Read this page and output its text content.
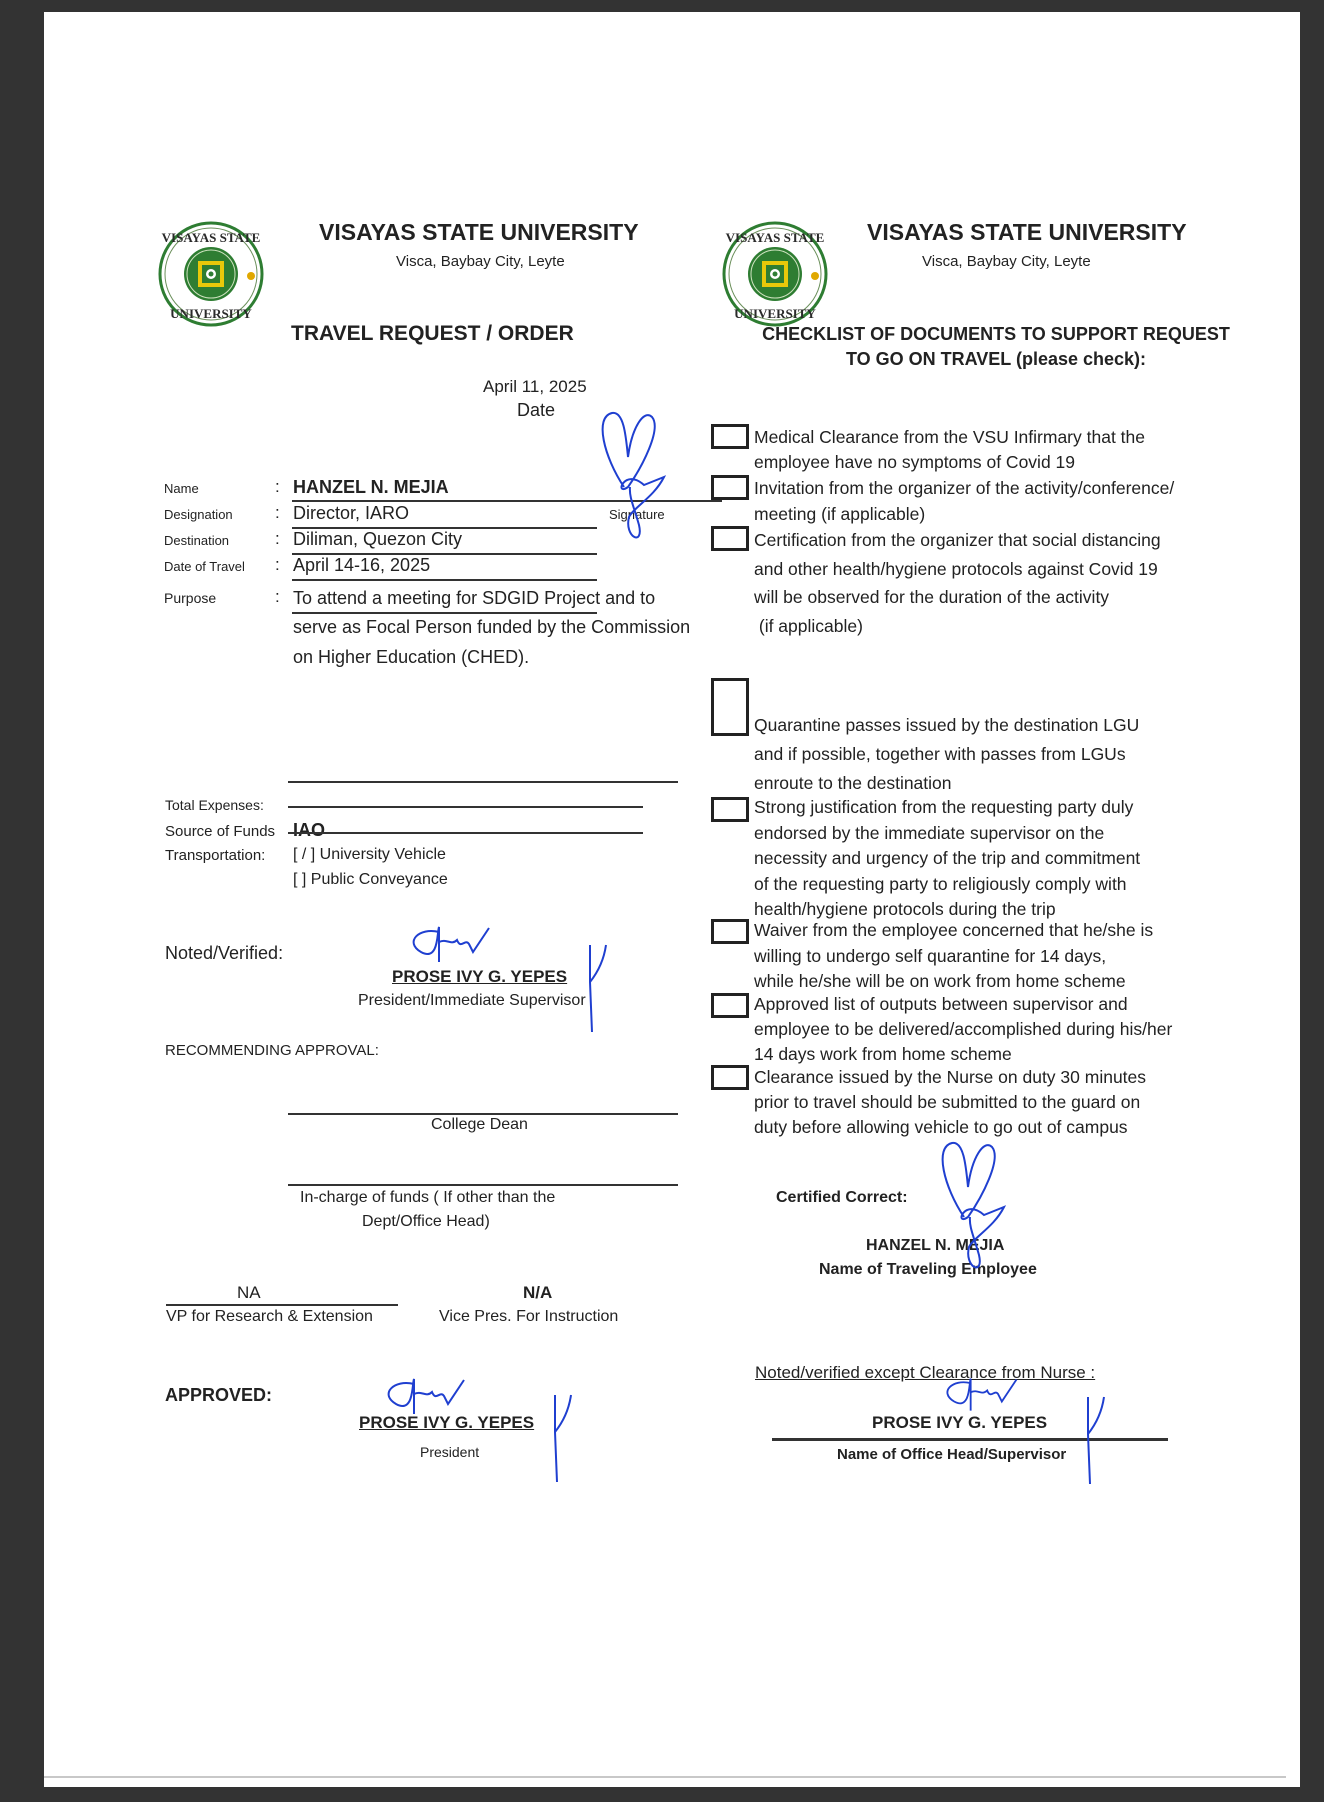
VISAYAS STATE
UNIVERSITY
VISAYAS STATE UNIVERSITY
Visca, Baybay City, Leyte
TRAVEL REQUEST / ORDER
April 11, 2025
Date
Name	: HANZEL N. MEJIA
Designation : Director, IARO	Signature
Destination	: Diliman, Quezon City
Date of Travel : April 14-16, 2025
Purpose	: To attend a meeting for SDGID Project and to
serve as Focal Person funded by the Commission
on Higher Education (CHED).
Total Expenses:
Source of Funds IAO
Transportation: [ / ] University Vehicle
[ ] Public Conveyance
Noted/Verified:
PROSE IVY G. YEPES
President/Immediate Supervisor
RECOMMENDING APPROVAL:
College Dean
In-charge of funds ( If other than the
Dept/Office Head)
NA
VP for Research & Extension
N/A
Vice Pres. For Instruction
APPROVED:
PROSE IVY G. YEPES
President
VISAYAS STATE
UNIVERSITY
VISAYAS STATE UNIVERSITY
Visca, Baybay City, Leyte
CHECKLIST OF DOCUMENTS TO SUPPORT REQUEST
TO GO ON TRAVEL (please check):
Medical Clearance from the VSU Infirmary that the
employee have no symptoms of Covid 19
Invitation from the organizer of the activity/conference/
meeting (if applicable)
Certification from the organizer that social distancing
and other health/hygiene protocols against Covid 19
will be observed for the duration of the activity
(if applicable)
Quarantine passes issued by the destination LGU
and if possible, together with passes from LGUs
enroute to the destination
Strong justification from the requesting party duly
endorsed by the immediate supervisor on the
necessity and urgency of the trip and commitment
of the requesting party to religiously comply with
health/hygiene protocols during the trip
Waiver from the employee concerned that he/she is
willing to undergo self quarantine for 14 days,
while he/she will be on work from home scheme
Approved list of outputs between supervisor and
employee to be delivered/accomplished during his/her
14 days work from home scheme
Clearance issued by the Nurse on duty 30 minutes
prior to travel should be submitted to the guard on
duty before allowing vehicle to go out of campus
Certified Correct:
HANZEL N. MEJIA
Name of Traveling Employee
Noted/verified except Clearance from Nurse :
PROSE IVY G. YEPES
Name of Office Head/Supervisor
